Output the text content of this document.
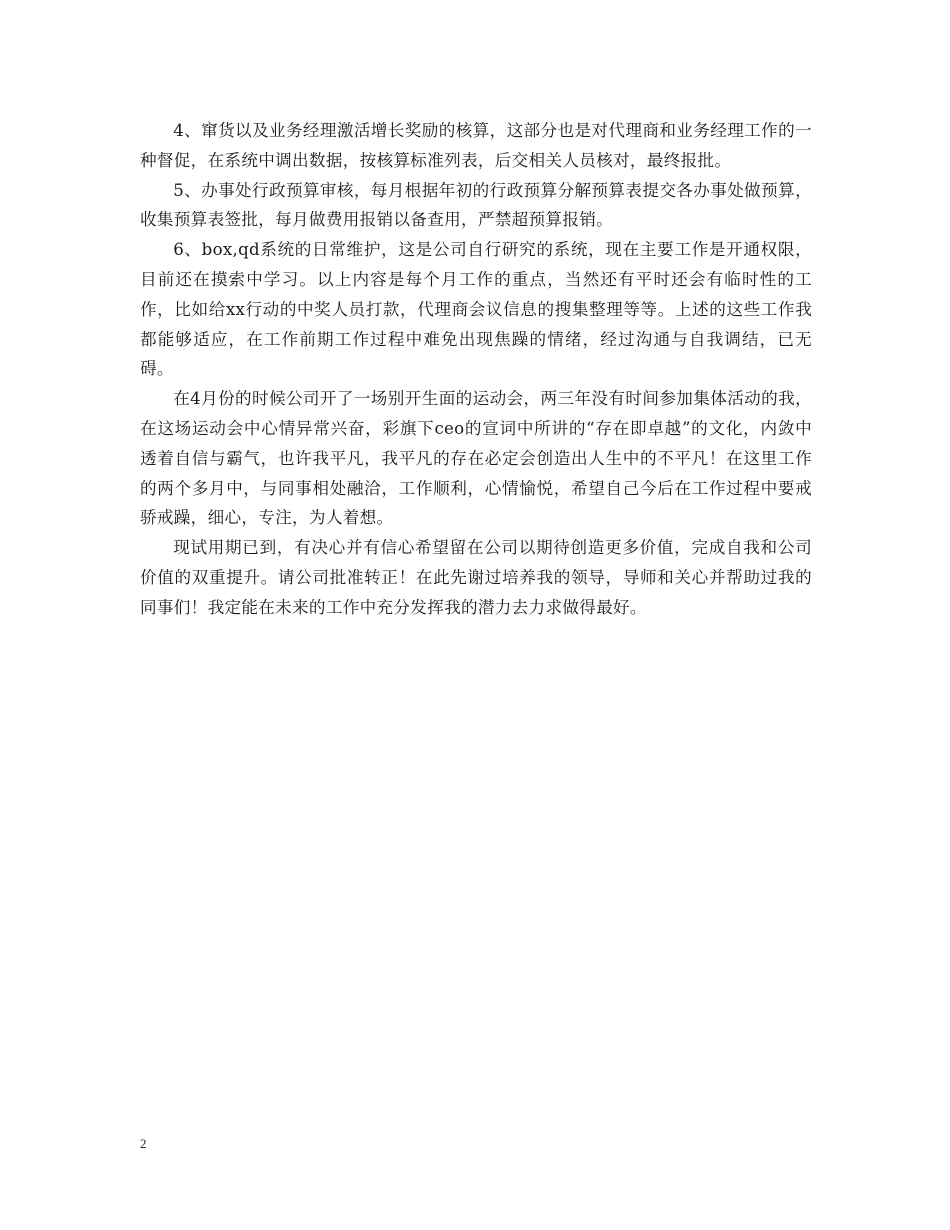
4、窜货以及业务经理激活增长奖励的核算，这部分也是对代理商和业务经理工作的一种督促，在系统中调出数据，按核算标准列表，后交相关人员核对，最终报批。

5、办事处行政预算审核，每月根据年初的行政预算分解预算表提交各办事处做预算，收集预算表签批，每月做费用报销以备查用，严禁超预算报销。

6、box,qd系统的日常维护，这是公司自行研究的系统，现在主要工作是开通权限，目前还在摸索中学习。以上内容是每个月工作的重点，当然还有平时还会有临时性的工作，比如给xx行动的中奖人员打款，代理商会议信息的搜集整理等等。上述的这些工作我都能够适应，在工作前期工作过程中难免出现焦躁的情绪，经过沟通与自我调结，已无碍。

在4月份的时候公司开了一场别开生面的运动会，两三年没有时间参加集体活动的我，在这场运动会中心情异常兴奋，彩旗下ceo的宣词中所讲的“存在即卓越”的文化，内敛中透着自信与霸气，也许我平凡，我平凡的存在必定会创造出人生中的不平凡！在这里工作的两个多月中，与同事相处融洽，工作顺利，心情愉悦，希望自己今后在工作过程中要戒骄戒躁，细心，专注，为人着想。

现试用期已到，有决心并有信心希望留在公司以期待创造更多价值，完成自我和公司价值的双重提升。请公司批准转正！在此先谢过培养我的领导，导师和关心并帮助过我的同事们！我定能在未来的工作中充分发挥我的潜力去力求做得最好。

2
